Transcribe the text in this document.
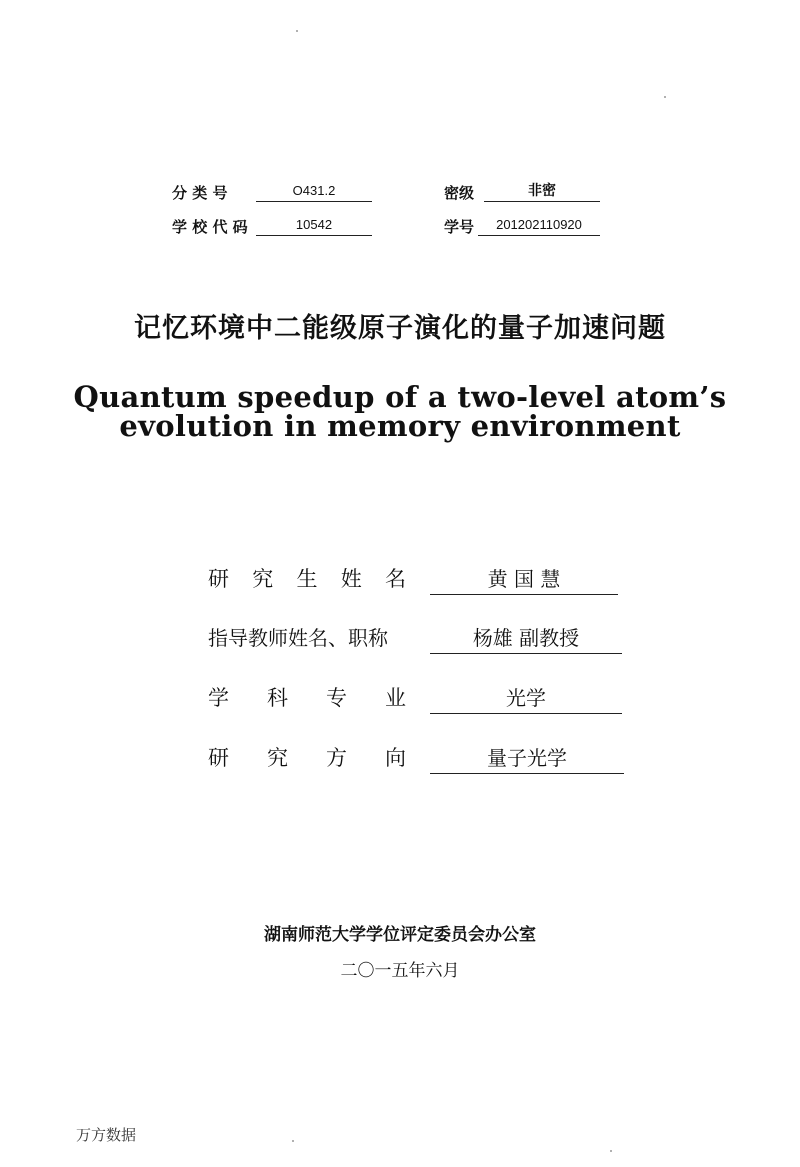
分 类 号	O431.2	密级	非密
学 校 代 码	10542	学号	201202110920
记忆环境中二能级原子演化的量子加速问题
Quantum speedup of a two-level atom’s
evolution in memory environment
研 究 生 姓 名	黄 国 慧
指导教师姓名、职称	杨雄 副教授
学 科 专 业	光学
研 究 方 向	量子光学
湖南师范大学学位评定委员会办公室
二〇一五年六月
万方数据
